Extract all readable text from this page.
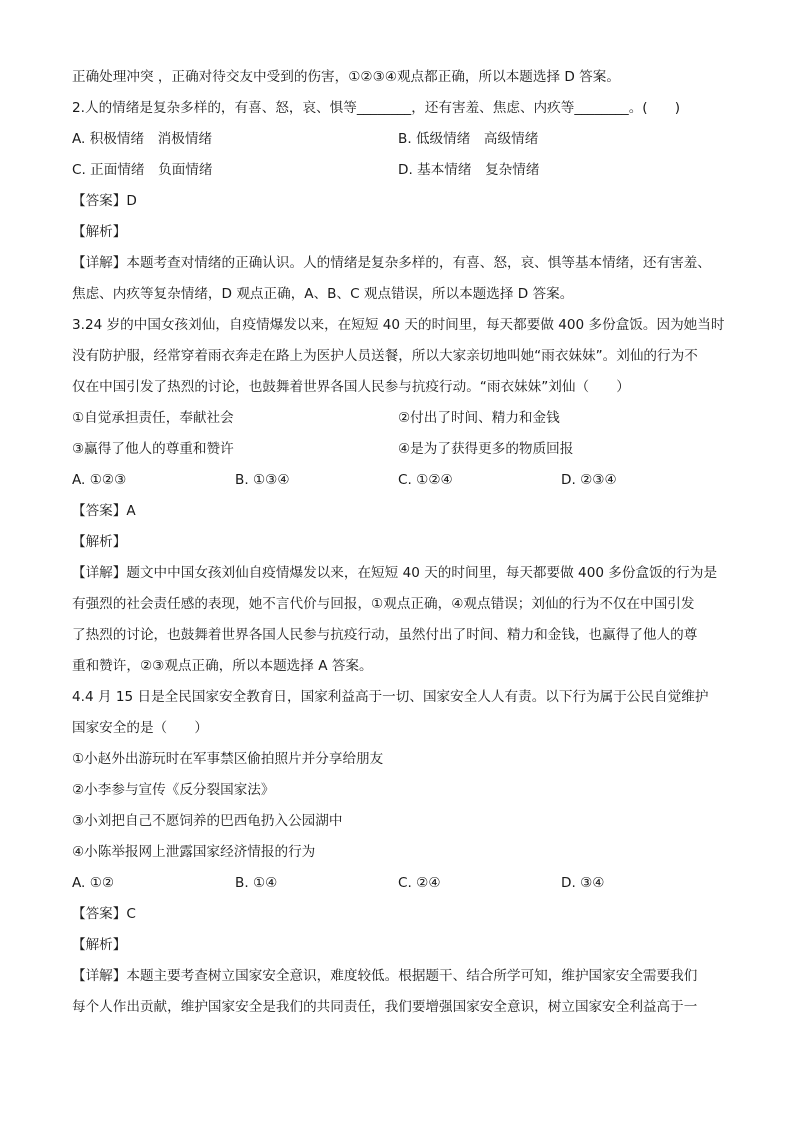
正确处理冲突 ，正确对待交友中受到的伤害，①②③④观点都正确，所以本题选择 D 答案。
2.人的情绪是复杂多样的，有喜、怒，哀、惧等________，还有害羞、焦虑、内疚等________。(　　)
A. 积极情绪　消极情绪	B. 低级情绪　高级情绪
C. 正面情绪　负面情绪	D. 基本情绪　复杂情绪
【答案】D
【解析】
【详解】本题考查对情绪的正确认识。人的情绪是复杂多样的，有喜、怒，哀、惧等基本情绪，还有害羞、
焦虑、内疚等复杂情绪，D 观点正确，A、B、C 观点错误，所以本题选择 D 答案。
3.24 岁的中国女孩刘仙，自疫情爆发以来，在短短 40 天的时间里，每天都要做 400 多份盒饭。因为她当时
没有防护服，经常穿着雨衣奔走在路上为医护人员送餐，所以大家亲切地叫她“雨衣妹妹”。刘仙的行为不
仅在中国引发了热烈的讨论，也鼓舞着世界各国人民参与抗疫行动。“雨衣妹妹”刘仙（　　）
①自觉承担责任，奉献社会	②付出了时间、精力和金钱
③赢得了他人的尊重和赞许	④是为了获得更多的物质回报
A. ①②③	B. ①③④	C. ①②④	D. ②③④
【答案】A
【解析】
【详解】题文中中国女孩刘仙自疫情爆发以来，在短短 40 天的时间里，每天都要做 400 多份盒饭的行为是
有强烈的社会责任感的表现，她不言代价与回报，①观点正确，④观点错误；刘仙的行为不仅在中国引发
了热烈的讨论，也鼓舞着世界各国人民参与抗疫行动，虽然付出了时间、精力和金钱，也赢得了他人的尊
重和赞许，②③观点正确，所以本题选择 A 答案。
4.4 月 15 日是全民国家安全教育日，国家利益高于一切、国家安全人人有责。以下行为属于公民自觉维护
国家安全的是（　　）
①小赵外出游玩时在军事禁区偷拍照片并分享给朋友
②小李参与宣传《反分裂国家法》
③小刘把自己不愿饲养的巴西龟扔入公园湖中
④小陈举报网上泄露国家经济情报的行为
A. ①②	B. ①④	C. ②④	D. ③④
【答案】C
【解析】
【详解】本题主要考查树立国家安全意识，难度较低。根据题干、结合所学可知，维护国家安全需要我们
每个人作出贡献，维护国家安全是我们的共同责任，我们要增强国家安全意识，树立国家安全利益高于一
